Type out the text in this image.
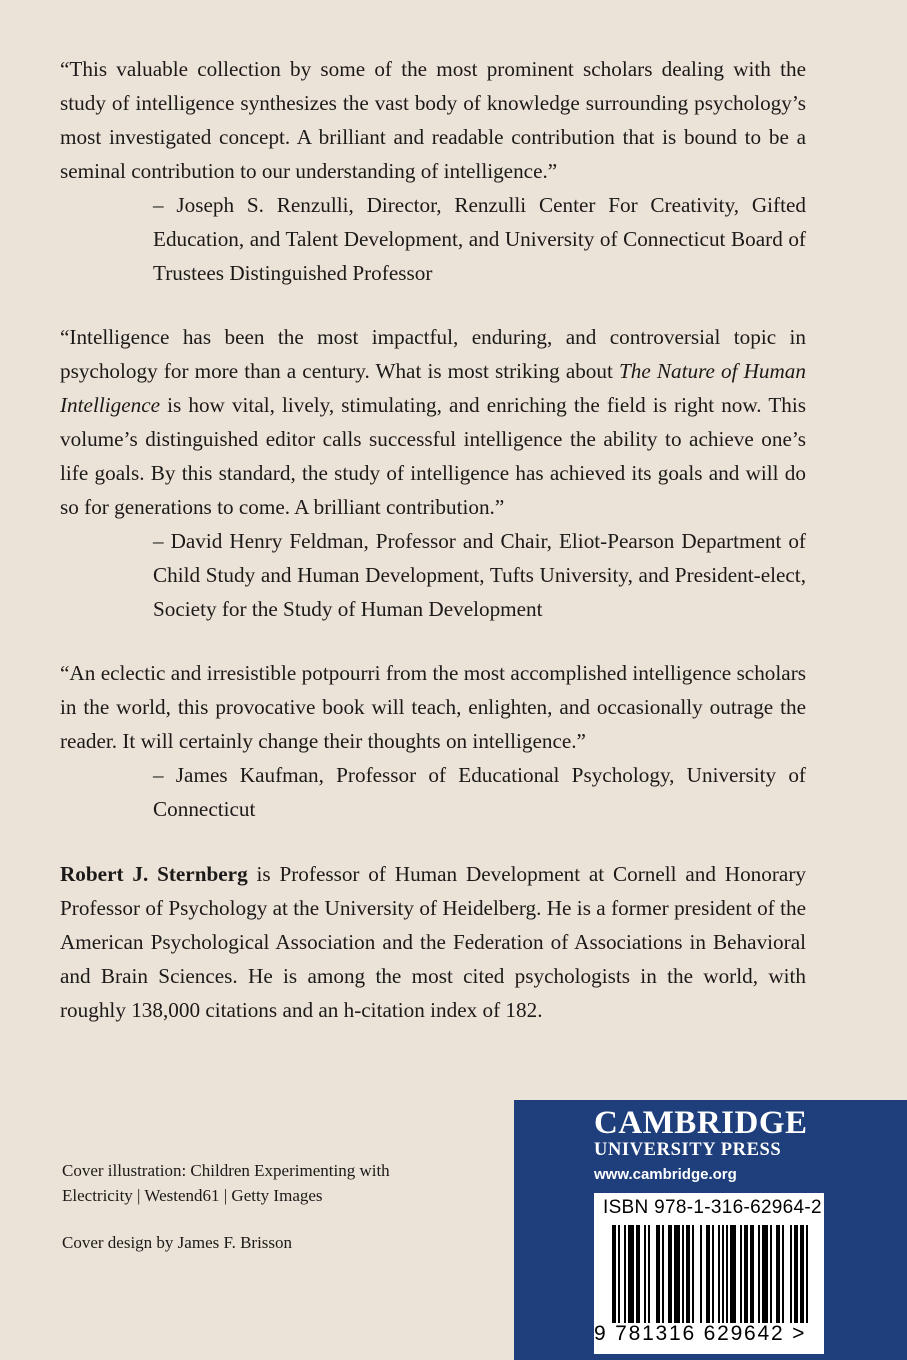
“This valuable collection by some of the most prominent scholars dealing with the study of intelligence synthesizes the vast body of knowledge surrounding psychology’s most investigated concept. A brilliant and readable contribution that is bound to be a seminal contribution to our understanding of intelligence.”

– Joseph S. Renzulli, Director, Renzulli Center For Creativity, Gifted Education, and Talent Development, and University of Connecticut Board of Trustees Distinguished Professor

“Intelligence has been the most impactful, enduring, and controversial topic in psychology for more than a century. What is most striking about The Nature of Human Intelligence is how vital, lively, stimulating, and enriching the field is right now. This volume’s distinguished editor calls successful intelligence the ability to achieve one’s life goals. By this standard, the study of intelligence has achieved its goals and will do so for generations to come. A brilliant contribution.”

– David Henry Feldman, Professor and Chair, Eliot-Pearson Department of Child Study and Human Development, Tufts University, and President-elect, Society for the Study of Human Development

“An eclectic and irresistible potpourri from the most accomplished intelligence scholars in the world, this provocative book will teach, enlighten, and occasionally outrage the reader. It will certainly change their thoughts on intelligence.”

– James Kaufman, Professor of Educational Psychology, University of Connecticut

Robert J. Sternberg is Professor of Human Development at Cornell and Honorary Professor of Psychology at the University of Heidelberg. He is a former president of the American Psychological Association and the Federation of Associations in Behavioral and Brain Sciences. He is among the most cited psychologists in the world, with roughly 138,000 citations and an h-citation index of 182.

Cover illustration: Children Experimenting with Electricity | Westend61 | Getty Images
Cover design by James F. Brisson
CAMBRIDGE
UNIVERSITY PRESS
www.cambridge.org
ISBN 978-1-316-62964-2
9 781316 629642 >
